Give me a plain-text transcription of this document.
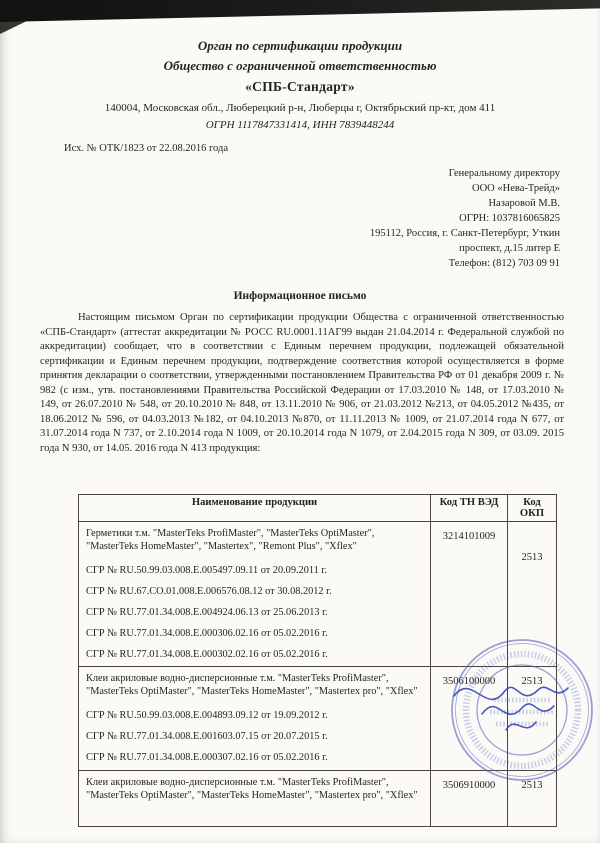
Орган по сертификации продукции
Общество с ограниченной ответственностью
«СПБ-Стандарт»
140004, Московская обл., Люберецкий р-н, Люберцы г, Октябрьский пр-кт, дом 411
ОГРН 1117847331414, ИНН 7839448244
Исх. № ОТК/1823 от 22.08.2016 года
Генеральному директору
ООО «Нева-Трейд»
Назаровой М.В.
ОГРН: 1037816065825
195112, Россия, г. Санкт-Петербург, Уткин
проспект, д.15 литер Е
Телефон: (812) 703 09 91
Информационное письмо
Настоящим письмом Орган по сертификации продукции Общества с ограниченной ответственностью «СПБ-Стандарт» (аттестат аккредитации № РОСС RU.0001.11АГ99 выдан 21.04.2014 г. Федеральной службой по аккредитации) сообщает, что в соответствии с Единым перечнем продукции, подлежащей обязательной сертификации и Единым перечнем продукции, подтверждение соответствия которой осуществляется в форме принятия декларации о соответствии, утвержденными постановлением Правительства РФ от 01 декабря 2009 г. № 982 (с изм., утв. постановлениями Правительства Российской Федерации от 17.03.2010 № 148, от 17.03.2010 № 149, от 26.07.2010 № 548, от 20.10.2010 № 848, от 13.11.2010 № 906, от 21.03.2012 №213, от 04.05.2012 №435, от 18.06.2012 № 596, от 04.03.2013 №182, от 04.10.2013 №870, от 11.11.2013 № 1009, от 21.07.2014 года N 677, от 31.07.2014 года N 737, от 2.10.2014 года N 1009, от 20.10.2014 года N 1079, от 2.04.2015 года N 309, от 03.09. 2015 года N 930, от 14.05. 2016 года N 413 продукция:
Наименование продукции	Код ТН ВЭД	Код ОКП

Герметики т.м. "MasterTeks ProfiMaster", "MasterTeks OptiMaster", "MasterTeks HomeMaster", "Mastertex", "Remont Plus", "Xflex"
СГР № RU.50.99.03.008.Е.005497.09.11 от 20.09.2011 г.
СГР № RU.67.СО.01.008.Е.006576.08.12 от 30.08.2012 г.
СГР № RU.77.01.34.008.Е.004924.06.13 от 25.06.2013 г.
СГР № RU.77.01.34.008.Е.000306.02.16 от 05.02.2016 г.
СГР № RU.77.01.34.008.Е.000302.02.16 от 05.02.2016 г.
	3214101009	2513

Клеи акриловые водно-дисперсионные т.м. "MasterTeks ProfiMaster", "MasterTeks OptiMaster", "MasterTeks HomeMaster", "Mastertex pro", "Xflex"
СГР № RU.50.99.03.008.Е.004893.09.12 от 19.09.2012 г.
СГР № RU.77.01.34.008.Е.001603.07.15 от 20.07.2015 г.
СГР № RU.77.01.34.008.Е.000307.02.16 от 05.02.2016 г.	3506100000	2513

Клеи акриловые водно-дисперсионные т.м. "MasterTeks ProfiMaster", "MasterTeks OptiMaster", "MasterTeks HomeMaster", "Mastertex pro", "Xflex"	3506910000	2513
